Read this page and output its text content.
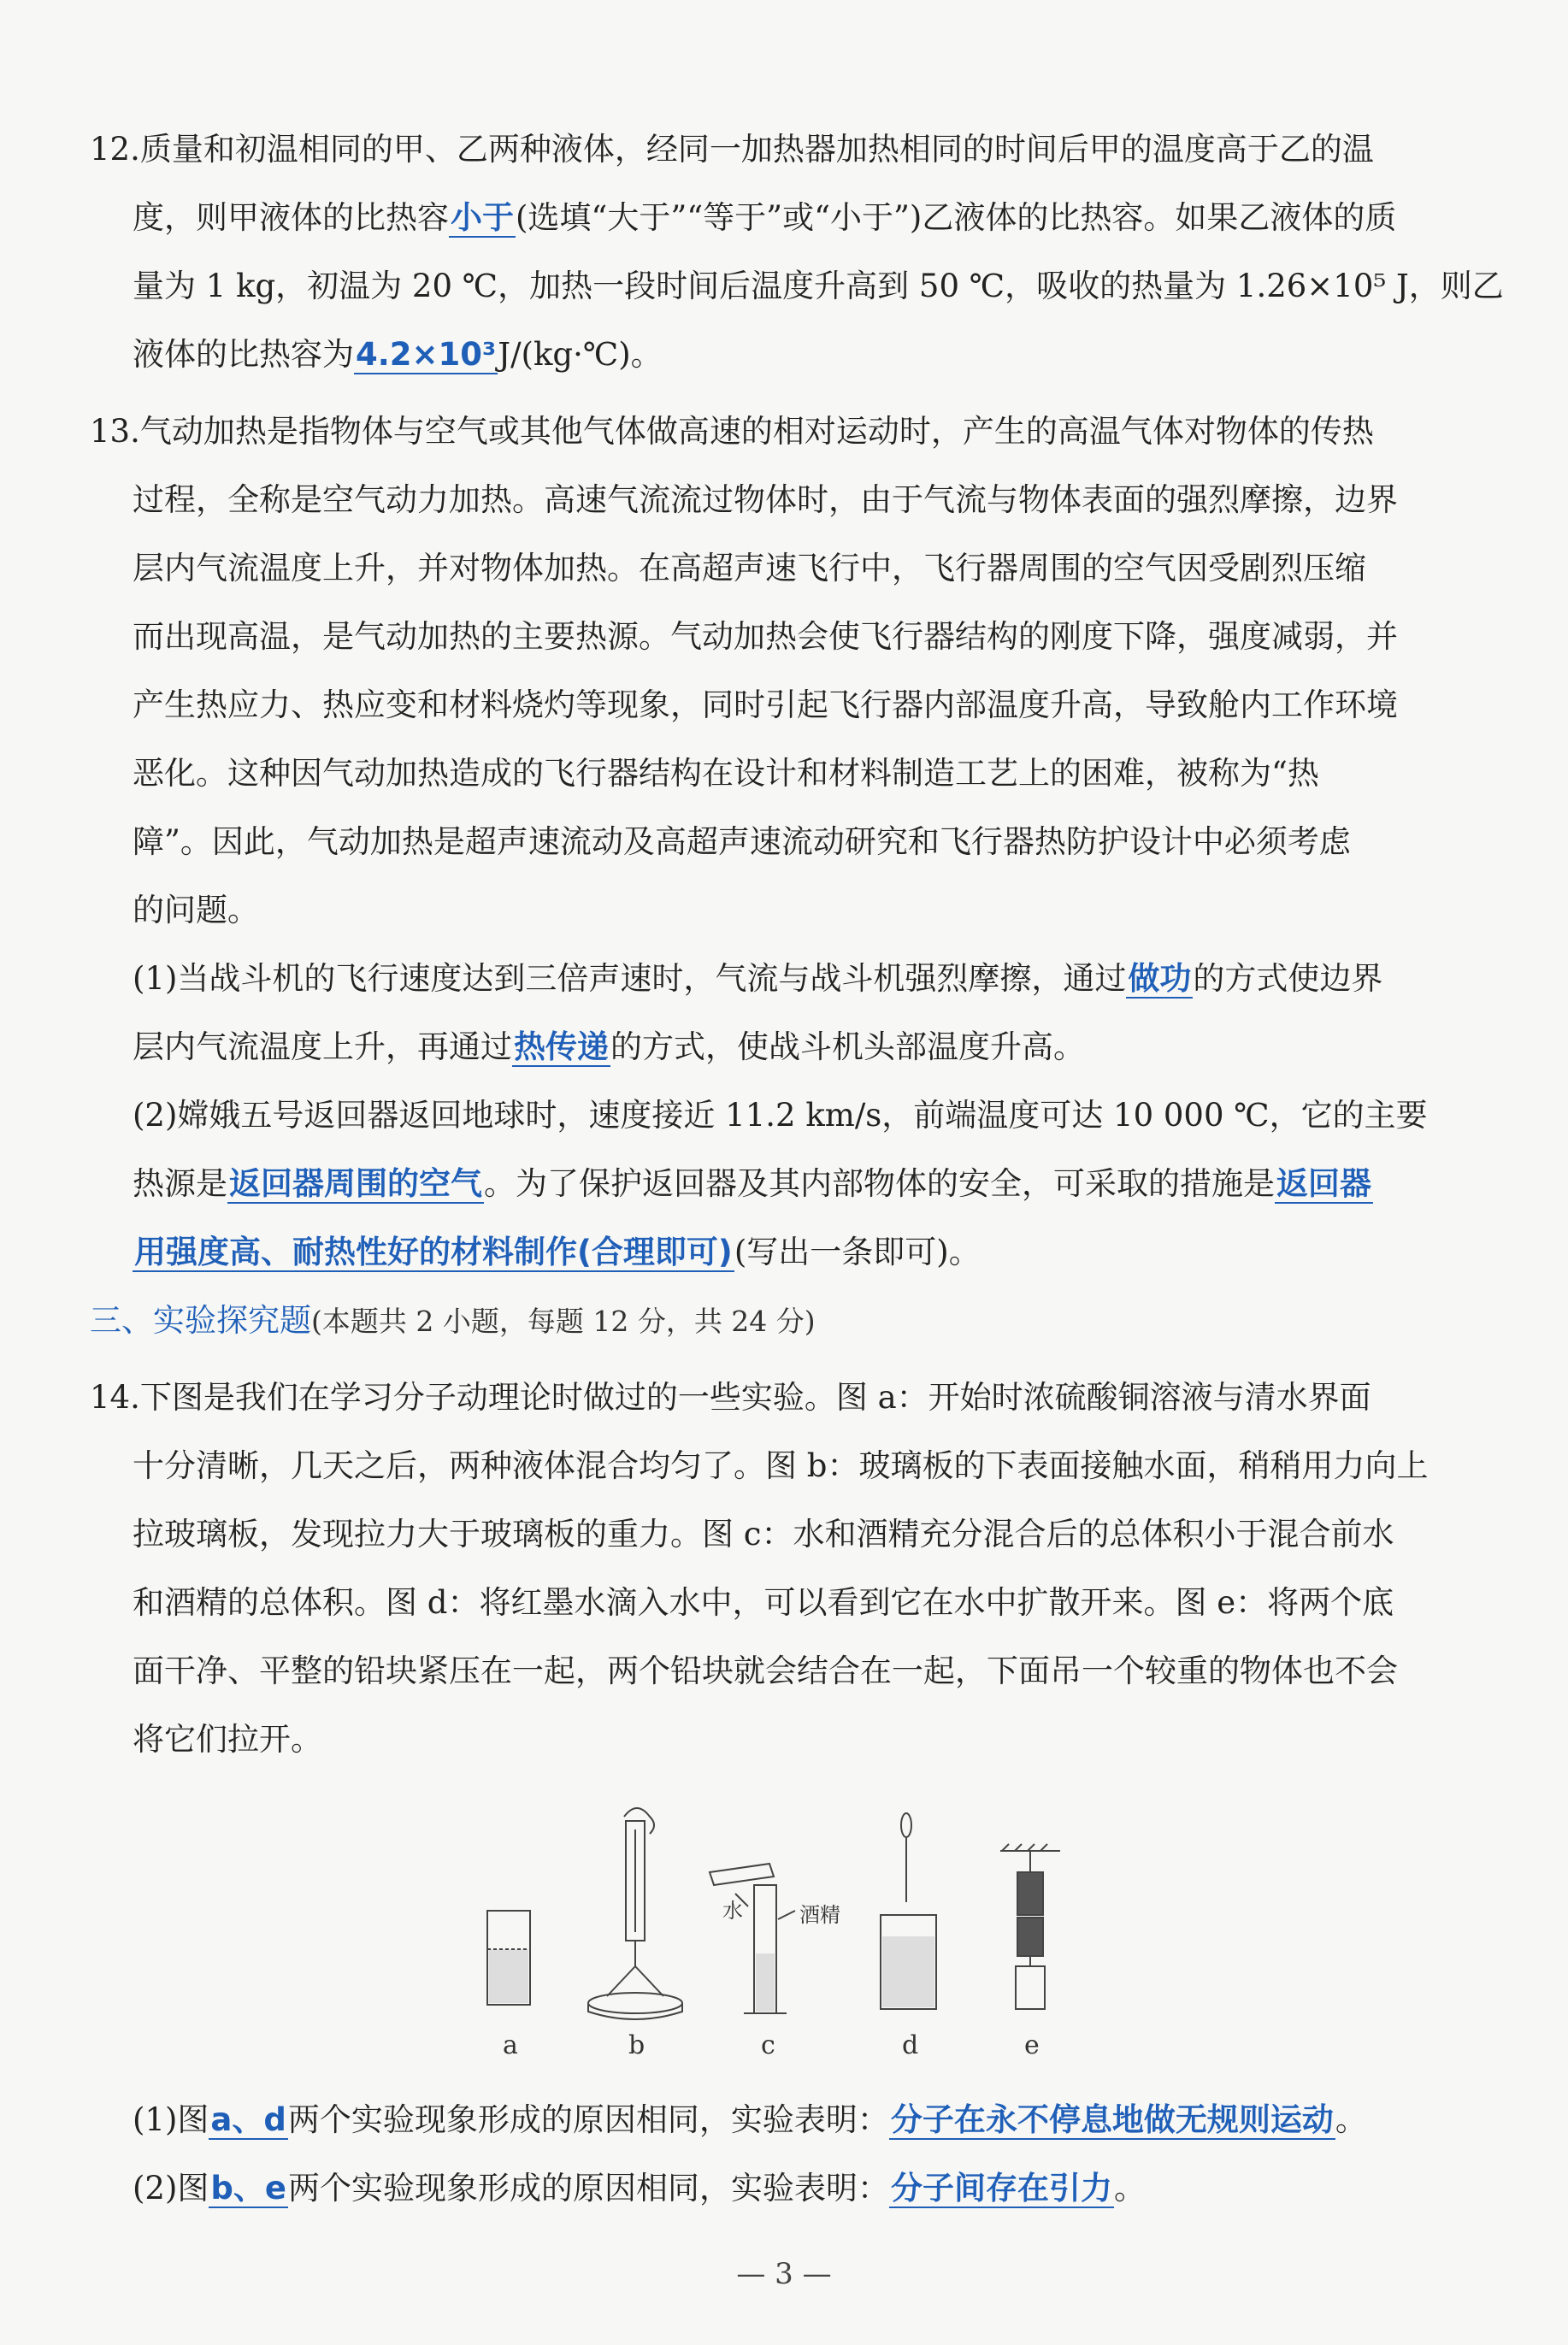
12.质量和初温相同的甲、乙两种液体，经同一加热器加热相同的时间后甲的温度高于乙的温
度，则甲液体的比热容小于(选填“大于”“等于”或“小于”)乙液体的比热容。如果乙液体的质
量为 1 kg，初温为 20 ℃，加热一段时间后温度升高到 50 ℃，吸收的热量为 1.26×10⁵ J，则乙
液体的比热容为4.2×10³J/(kg·℃)。
13.气动加热是指物体与空气或其他气体做高速的相对运动时，产生的高温气体对物体的传热
过程，全称是空气动力加热。高速气流流过物体时，由于气流与物体表面的强烈摩擦，边界
层内气流温度上升，并对物体加热。在高超声速飞行中，飞行器周围的空气因受剧烈压缩
而出现高温，是气动加热的主要热源。气动加热会使飞行器结构的刚度下降，强度减弱，并
产生热应力、热应变和材料烧灼等现象，同时引起飞行器内部温度升高，导致舱内工作环境
恶化。这种因气动加热造成的飞行器结构在设计和材料制造工艺上的困难，被称为“热
障”。因此，气动加热是超声速流动及高超声速流动研究和飞行器热防护设计中必须考虑
的问题。
(1)当战斗机的飞行速度达到三倍声速时，气流与战斗机强烈摩擦，通过做功的方式使边界
层内气流温度上升，再通过热传递的方式，使战斗机头部温度升高。
(2)嫦娥五号返回器返回地球时，速度接近 11.2 km/s，前端温度可达 10 000 ℃，它的主要
热源是返回器周围的空气。为了保护返回器及其内部物体的安全，可采取的措施是返回器
用强度高、耐热性好的材料制作(合理即可)(写出一条即可)。
三、实验探究题(本题共 2 小题，每题 12 分，共 24 分)
14.下图是我们在学习分子动理论时做过的一些实验。图 a：开始时浓硫酸铜溶液与清水界面
十分清晰，几天之后，两种液体混合均匀了。图 b：玻璃板的下表面接触水面，稍稍用力向上
拉玻璃板，发现拉力大于玻璃板的重力。图 c：水和酒精充分混合后的总体积小于混合前水
和酒精的总体积。图 d：将红墨水滴入水中，可以看到它在水中扩散开来。图 e：将两个底
面干净、平整的铅块紧压在一起，两个铅块就会结合在一起，下面吊一个较重的物体也不会
将它们拉开。
a	b	c	d	e
水	酒精
(1)图a、d两个实验现象形成的原因相同，实验表明：分子在永不停息地做无规则运动。
(2)图b、e两个实验现象形成的原因相同，实验表明：分子间存在引力。
— 3 —
